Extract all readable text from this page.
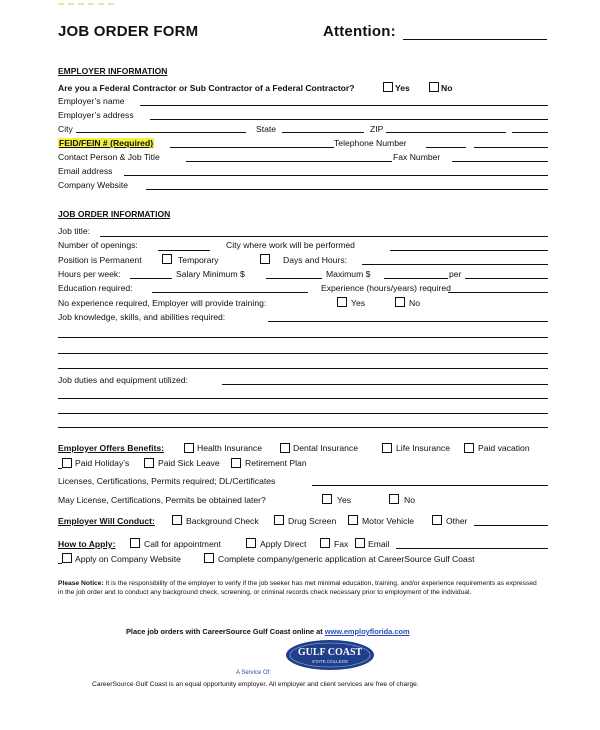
JOB ORDER FORM	Attention:
EMPLOYER INFORMATION
Are you a Federal Contractor or Sub Contractor of a Federal Contractor?	Yes	No
Employer’s name
Employer’s address
City	State	ZIP
FEID/FEIN # (Required)	Telephone Number
Contact Person & Job Title	Fax Number
Email address
Company Website
JOB ORDER INFORMATION
Job title:
Number of openings:	City where work will be performed
Position is Permanent	Temporary	Days and Hours:
Hours per week:	Salary Minimum $	Maximum $	per
Education required:	Experience (hours/years) required
No experience required, Employer will provide training:	Yes	No
Job knowledge, skills, and abilities required:
Job duties and equipment utilized:
Employer Offers Benefits:	Health Insurance	Dental Insurance	Life Insurance	Paid vacation
Paid Holiday’s	Paid Sick Leave	Retirement Plan
Licenses, Certifications, Permits required; DL/Certificates
May License, Certifications, Permits be obtained later?	Yes	No
Employer Will Conduct:	Background Check	Drug Screen	Motor Vehicle	Other
How to Apply:	Call for appointment	Apply Direct	Fax Email
Apply on Company Website	Complete company/generic application at CareerSource Gulf Coast
Please Notice: It is the responsibility of the employer to verify if the job seeker has met minimal education, training, and/or experience requirements as expressed in the job order and to conduct any background check, screening, or criminal records check necessary prior to employment of the individual.
Place job orders with CareerSource Gulf Coast online at www.employflorida.com
GULF COAST
STATE COLLEGE
A Service Of:
CareerSource Gulf Coast is an equal opportunity employer. All employer and client services are free of charge.
